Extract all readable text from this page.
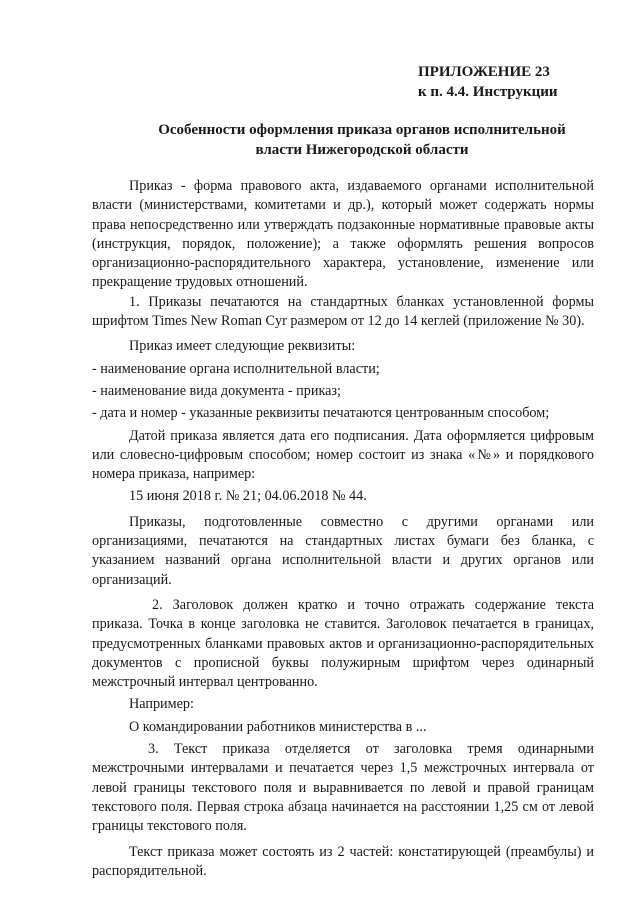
ПРИЛОЖЕНИЕ 23
к п. 4.4. Инструкции
Особенности оформления приказа органов исполнительной
власти Нижегородской области

Приказ - форма правового акта, издаваемого органами исполнительной власти (министерствами, комитетами и др.), который может содержать нормы права непосредственно или утверждать подзаконные нормативные правовые акты (инструкция, порядок, положение); а также оформлять решения вопросов организационно-распорядительного характера, установление, изменение или прекращение трудовых отношений.

1. Приказы печатаются на стандартных бланках установленной формы шрифтом Times New Roman Cyr размером от 12 до 14 кеглей (приложение № 30).

Приказ имеет следующие реквизиты:

- наименование органа исполнительной власти;

- наименование вида документа - приказ;

- дата и номер - указанные реквизиты печатаются центрованным способом;

Датой приказа является дата его подписания. Дата оформляется цифровым или словесно-цифровым способом; номер состоит из знака «№» и порядкового номера приказа, например:

15 июня 2018 г. № 21; 04.06.2018 № 44.

Приказы, подготовленные совместно с другими органами или организациями, печатаются на стандартных листах бумаги без бланка, с указанием названий органа исполнительной власти и других органов или организаций.

2. Заголовок должен кратко и точно отражать содержание текста приказа. Точка в конце заголовка не ставится. Заголовок печатается в границах, предусмотренных бланками правовых актов и организационно-распорядительных документов с прописной буквы полужирным шрифтом через одинарный межстрочный интервал центрованно.

Например:

О командировании работников министерства в ...

3. Текст приказа отделяется от заголовка тремя одинарными межстрочными интервалами и печатается через 1,5 межстрочных интервала от левой границы текстового поля и выравнивается по левой и правой границам текстового поля. Первая строка абзаца начинается на расстоянии 1,25 см от левой границы текстового поля.

Текст приказа может состоять из 2 частей: констатирующей (преамбулы) и распорядительной.
